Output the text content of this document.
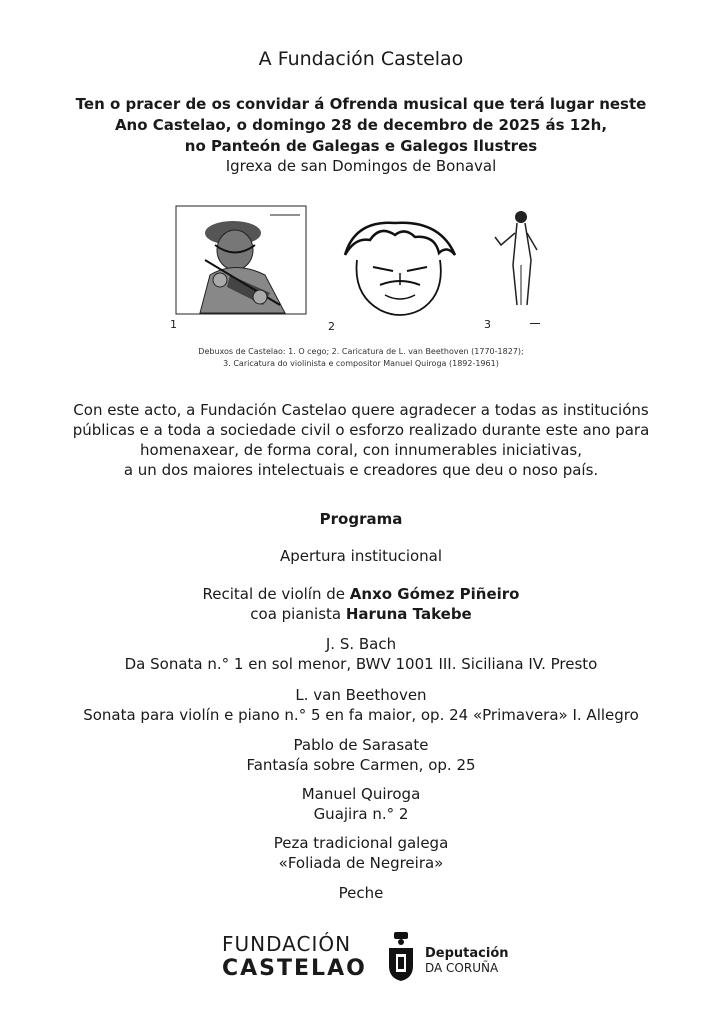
A Fundación Castelao
Ten o pracer de os convidar á Ofrenda musical que terá lugar neste
Ano Castelao, o domingo 28 de decembro de 2025 ás 12h,
no Panteón de Galegas e Galegos Ilustres
Igrexa de san Domingos de Bonaval
1	2	3
Debuxos de Castelao: 1. O cego; 2. Caricatura de L. van Beethoven (1770-1827);
3. Caricatura do violinista e compositor Manuel Quiroga (1892-1961)
Con este acto, a Fundación Castelao quere agradecer a todas as institucións
públicas e a toda a sociedade civil o esforzo realizado durante este ano para
homenaxear, de forma coral, con innumerables iniciativas,
a un dos maiores intelectuais e creadores que deu o noso país.
Programa
Apertura institucional
Recital de violín de Anxo Gómez Piñeiro
coa pianista Haruna Takebe
J. S. Bach
Da Sonata n.° 1 en sol menor, BWV 1001 III. Siciliana IV. Presto
L. van Beethoven
Sonata para violín e piano n.° 5 en fa maior, op. 24 «Primavera» I. Allegro
Pablo de Sarasate
Fantasía sobre Carmen, op. 25
Manuel Quiroga
Guajira n.° 2
Peza tradicional galega
«Foliada de Negreira»
Peche
FUNDACIÓN
CASTELAO
Deputación
DA CORUÑA
